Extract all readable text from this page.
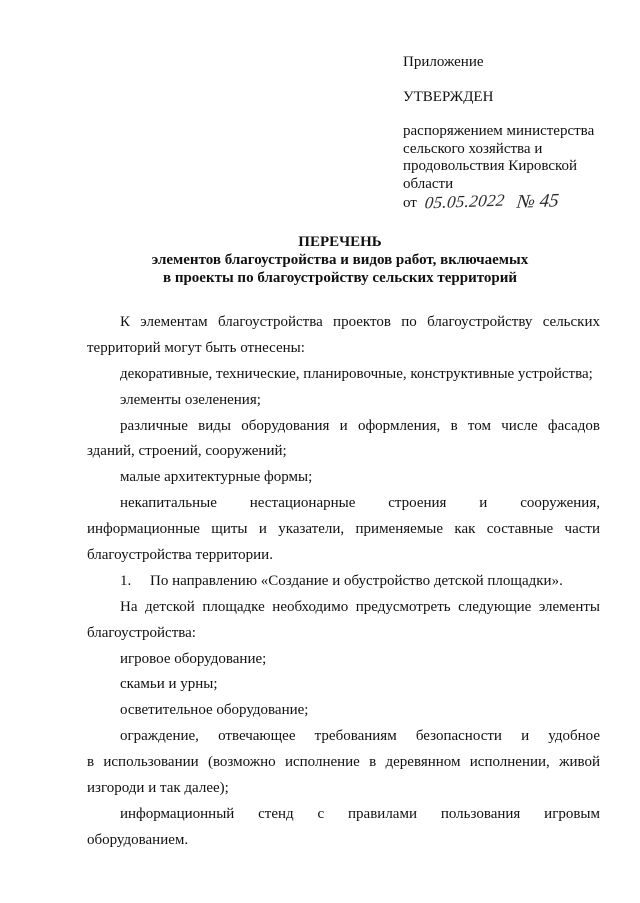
Приложение
УТВЕРЖДЕН
распоряжением министерства
сельского хозяйства и
продовольствия Кировской
области
от 05.05.2022 № 45
ПЕРЕЧЕНЬ
элементов благоустройства и видов работ, включаемых
в проекты по благоустройству сельских территорий
К элементам благоустройства проектов по благоустройству сельских
территорий могут быть отнесены:
декоративные, технические, планировочные, конструктивные устройства;
элементы озеленения;
различные виды оборудования и оформления, в том числе фасадов
зданий, строений, сооружений;
малые архитектурные формы;
некапитальные нестационарные строения и сооружения,
информационные щиты и указатели, применяемые как составные части
благоустройства территории.
1. По направлению «Создание и обустройство детской площадки».
На детской площадке необходимо предусмотреть следующие элементы
благоустройства:
игровое оборудование;
скамьи и урны;
осветительное оборудование;
ограждение, отвечающее требованиям безопасности и удобное
в использовании (возможно исполнение в деревянном исполнении, живой
изгороди и так далее);
информационный стенд с правилами пользования игровым
оборудованием.
